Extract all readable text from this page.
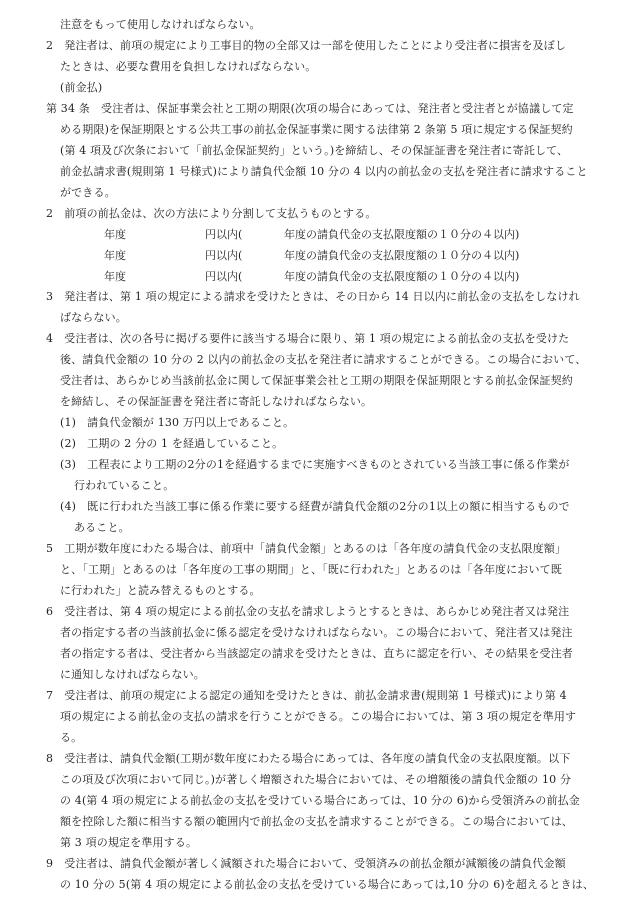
注意をもって使用しなければならない。
2　発注者は、前項の規定により工事目的物の全部又は一部を使用したことにより受注者に損害を及ぼし
たときは、必要な費用を負担しなければならない。
(前金払)
第 34 条　受注者は、保証事業会社と工期の期限(次項の場合にあっては、発注者と受注者とが協議して定
める期限)を保証期限とする公共工事の前払金保証事業に関する法律第 2 条第 5 項に規定する保証契約
(第 4 項及び次条において「前払金保証契約」という。)を締結し、その保証証書を発注者に寄託して、
前金払請求書(規則第 1 号様式)により請負代金額 10 分の 4 以内の前払金の支払を発注者に請求すること
ができる。
2　前項の前払金は、次の方法により分割して支払うものとする。
3　発注者は、第 1 項の規定による請求を受けたときは、その日から 14 日以内に前払金の支払をしなけれ
ばならない。
4　受注者は、次の各号に掲げる要件に該当する場合に限り、第 1 項の規定による前払金の支払を受けた
後、請負代金額の 10 分の 2 以内の前払金の支払を発注者に請求することができる。この場合において、
受注者は、あらかじめ当該前払金に関して保証事業会社と工期の期限を保証期限とする前払金保証契約
を締結し、その保証証書を発注者に寄託しなければならない。
(1)　請負代金額が 130 万円以上であること。
(2)　工期の 2 分の 1 を経過していること。
(3)　工程表により工期の2分の1を経過するまでに実施すべきものとされている当該工事に係る作業が
行われていること。
(4)　既に行われた当該工事に係る作業に要する経費が請負代金額の2分の1以上の額に相当するもので
あること。
5　工期が数年度にわたる場合は、前項中「請負代金額」とあるのは「各年度の請負代金の支払限度額」
と、「工期」とあるのは「各年度の工事の期間」と、「既に行われた」とあるのは「各年度において既
に行われた」と読み替えるものとする。
6　受注者は、第 4 項の規定による前払金の支払を請求しようとするときは、あらかじめ発注者又は発注
者の指定する者の当該前払金に係る認定を受けなければならない。この場合において、発注者又は発注
者の指定する者は、受注者から当該認定の請求を受けたときは、直ちに認定を行い、その結果を受注者
に通知しなければならない。
7　受注者は、前項の規定による認定の通知を受けたときは、前払金請求書(規則第 1 号様式)により第 4
項の規定による前払金の支払の請求を行うことができる。この場合においては、第 3 項の規定を準用す
る。
8　受注者は、請負代金額(工期が数年度にわたる場合にあっては、各年度の請負代金の支払限度額。以下
この項及び次項において同じ。)が著しく増額された場合においては、その増額後の請負代金額の 10 分
の 4(第 4 項の規定による前払金の支払を受けている場合にあっては、10 分の 6)から受領済みの前払金
額を控除した額に相当する額の範囲内で前払金の支払を請求することができる。この場合においては、
第 3 項の規定を準用する。
9　受注者は、請負代金額が著しく減額された場合において、受領済みの前払金額が減額後の請負代金額
の 10 分の 5(第 4 項の規定による前払金の支払を受けている場合にあっては,10 分の 6)を超えるときは、
年度	円以内(	年度の請負代金の支払限度額の１０分の４以内)
年度	円以内(	年度の請負代金の支払限度額の１０分の４以内)
年度	円以内(	年度の請負代金の支払限度額の１０分の４以内)
